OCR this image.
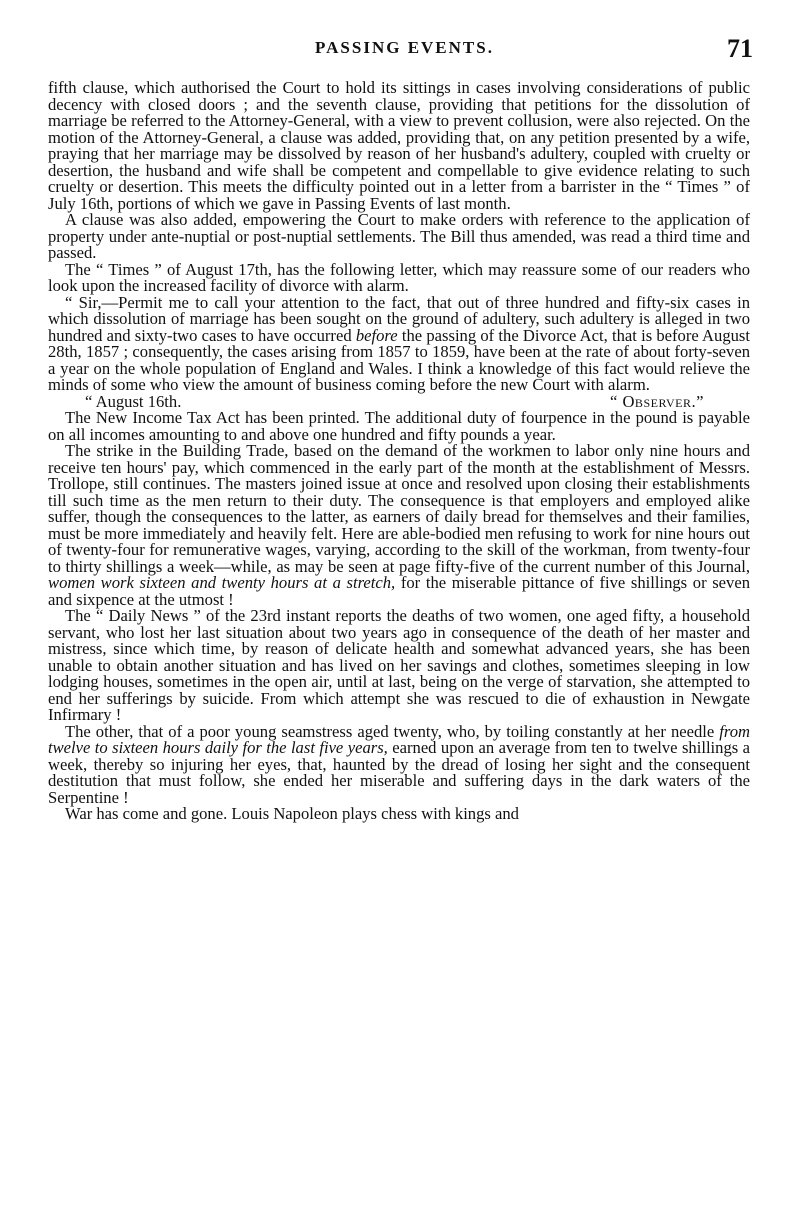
PASSING EVENTS.	71

fifth clause, which authorised the Court to hold its sittings in cases involving considerations of public decency with closed doors ; and the seventh clause, providing that petitions for the dissolution of marriage be referred to the Attorney-General, with a view to prevent collusion, were also rejected. On the motion of the Attorney-General, a clause was added, providing that, on any petition presented by a wife, praying that her marriage may be dissolved by reason of her husband's adultery, coupled with cruelty or desertion, the husband and wife shall be competent and compellable to give evidence relating to such cruelty or desertion. This meets the difficulty pointed out in a letter from a barrister in the “ Times ” of July 16th, portions of which we gave in Passing Events of last month.

A clause was also added, empowering the Court to make orders with reference to the application of property under ante-nuptial or post-nuptial settlements. The Bill thus amended, was read a third time and passed.

The “ Times ” of August 17th, has the following letter, which may reassure some of our readers who look upon the increased facility of divorce with alarm.

“ Sir,—Permit me to call your attention to the fact, that out of three hundred and fifty-six cases in which dissolution of marriage has been sought on the ground of adultery, such adultery is alleged in two hundred and sixty-two cases to have occurred before the passing of the Divorce Act, that is before August 28th, 1857 ; consequently, the cases arising from 1857 to 1859, have been at the rate of about forty-seven a year on the whole population of England and Wales. I think a knowledge of this fact would relieve the minds of some who view the amount of business coming before the new Court with alarm.

“ August 16th.	“ Observer.”

The New Income Tax Act has been printed. The additional duty of fourpence in the pound is payable on all incomes amounting to and above one hundred and fifty pounds a year.

The strike in the Building Trade, based on the demand of the workmen to labor only nine hours and receive ten hours' pay, which commenced in the early part of the month at the establishment of Messrs. Trollope, still continues. The masters joined issue at once and resolved upon closing their establishments till such time as the men return to their duty. The consequence is that employers and employed alike suffer, though the consequences to the latter, as earners of daily bread for themselves and their families, must be more immediately and heavily felt. Here are able-bodied men refusing to work for nine hours out of twenty-four for remunerative wages, varying, according to the skill of the workman, from twenty-four to thirty shillings a week—while, as may be seen at page fifty-five of the current number of this Journal, women work sixteen and twenty hours at a stretch, for the miserable pittance of five shillings or seven and sixpence at the utmost !

The “ Daily News ” of the 23rd instant reports the deaths of two women, one aged fifty, a household servant, who lost her last situation about two years ago in consequence of the death of her master and mistress, since which time, by reason of delicate health and somewhat advanced years, she has been unable to obtain another situation and has lived on her savings and clothes, sometimes sleeping in low lodging houses, sometimes in the open air, until at last, being on the verge of starvation, she attempted to end her sufferings by suicide. From which attempt she was rescued to die of exhaustion in Newgate Infirmary !

The other, that of a poor young seamstress aged twenty, who, by toiling constantly at her needle from twelve to sixteen hours daily for the last five years, earned upon an average from ten to twelve shillings a week, thereby so injuring her eyes, that, haunted by the dread of losing her sight and the consequent destitution that must follow, she ended her miserable and suffering days in the dark waters of the Serpentine !

War has come and gone. Louis Napoleon plays chess with kings and
